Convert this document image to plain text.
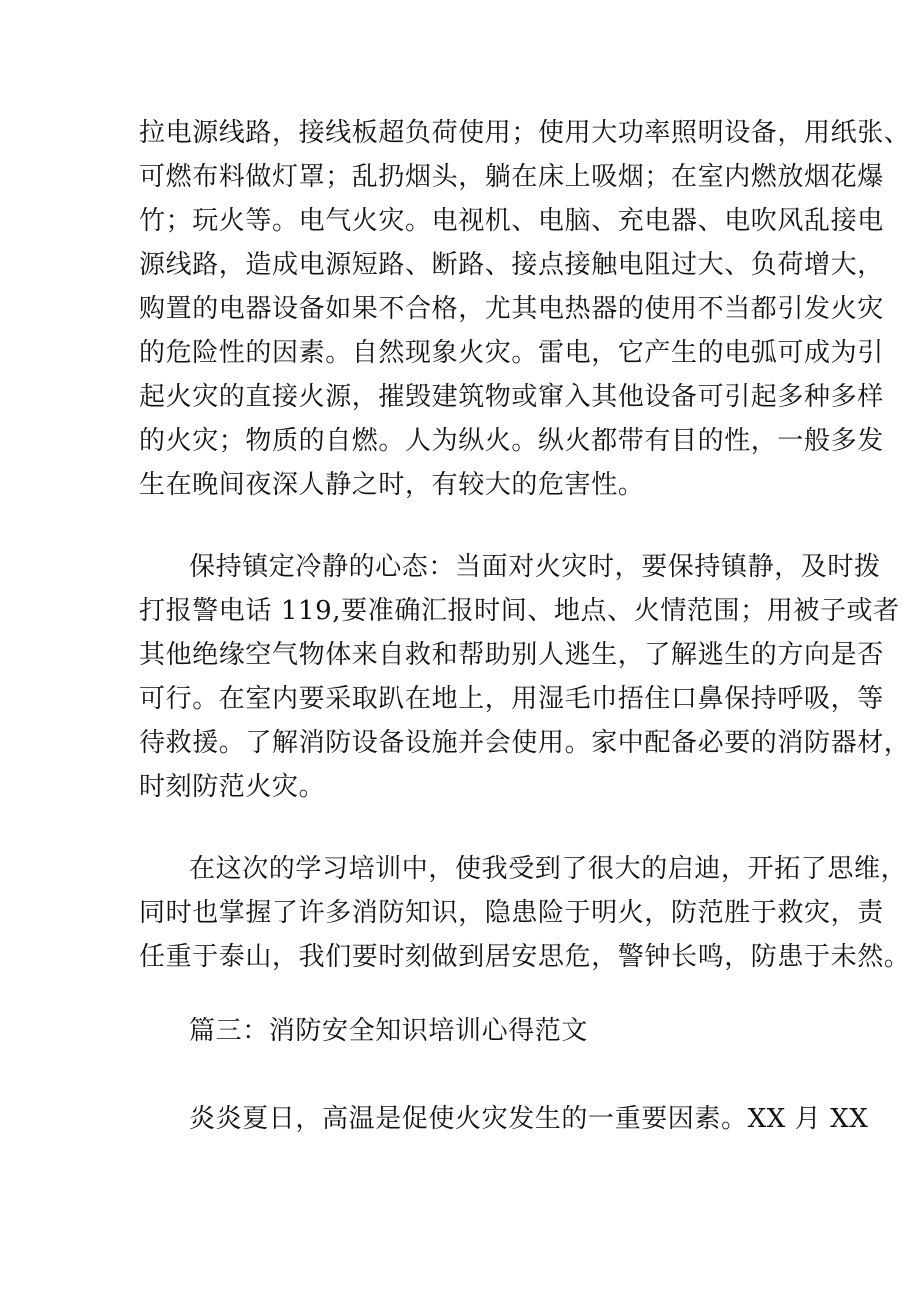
拉电源线路，接线板超负荷使用；使用大功率照明设备，用纸张、
可燃布料做灯罩；乱扔烟头，躺在床上吸烟；在室内燃放烟花爆
竹；玩火等。电气火灾。电视机、电脑、充电器、电吹风乱接电
源线路，造成电源短路、断路、接点接触电阻过大、负荷增大，
购置的电器设备如果不合格，尤其电热器的使用不当都引发火灾
的危险性的因素。自然现象火灾。雷电，它产生的电弧可成为引
起火灾的直接火源，摧毁建筑物或窜入其他设备可引起多种多样
的火灾；物质的自燃。人为纵火。纵火都带有目的性，一般多发
生在晚间夜深人静之时，有较大的危害性。
保持镇定冷静的心态：当面对火灾时，要保持镇静，及时拨
打报警电话 119,要准确汇报时间、地点、火情范围；用被子或者
其他绝缘空气物体来自救和帮助别人逃生，了解逃生的方向是否
可行。在室内要采取趴在地上，用湿毛巾捂住口鼻保持呼吸，等
待救援。了解消防设备设施并会使用。家中配备必要的消防器材，
时刻防范火灾。
在这次的学习培训中，使我受到了很大的启迪，开拓了思维，
同时也掌握了许多消防知识，隐患险于明火，防范胜于救灾，责
任重于泰山，我们要时刻做到居安思危，警钟长鸣，防患于未然。
篇三：消防安全知识培训心得范文
炎炎夏日，高温是促使火灾发生的一重要因素。XX 月 XX
